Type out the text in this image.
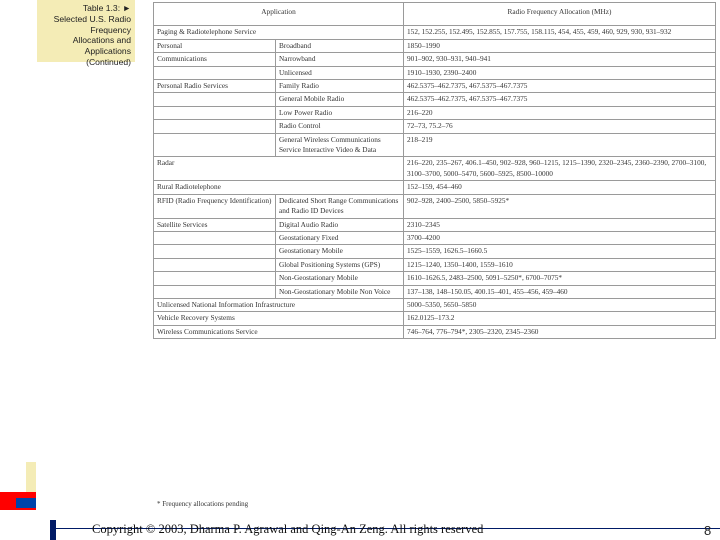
Table 1.3: ►
Selected U.S. Radio
Frequency
Allocations and
Applications
(Continued)
Application		Radio Frequency Allocation (MHz)
Paging & Radiotelephone Service		152, 152.255, 152.495, 152.855, 157.755, 158.115, 454, 455, 459, 460, 929, 930, 931–932
Personal	Broadband	1850–1990
Communications	Narrowband	901–902, 930–931, 940–941
	Unlicensed	1910–1930, 2390–2400
Personal Radio Services	Family Radio	462.5375–462.7375, 467.5375–467.7375
	General Mobile Radio	462.5375–462.7375, 467.5375–467.7375
	Low Power Radio	216–220
	Radio Control	72–73, 75.2–76
	General Wireless Communications Service Interactive Video & Data	218–219
Radar		216–220, 235–267, 406.1–450, 902–928, 960–1215, 1215–1390, 2320–2345, 2360–2390, 2700–3100, 3100–3700, 5000–5470, 5600–5925, 8500–10000
Rural Radiotelephone		152–159, 454–460
RFID (Radio Frequency Identification)	Dedicated Short Range Communications and Radio ID Devices	902–928, 2400–2500, 5850–5925*
Satellite Services	Digital Audio Radio	2310–2345
	Geostationary Fixed	3700–4200
	Geostationary Mobile	1525–1559, 1626.5–1660.5
	Global Positioning Systems (GPS)	1215–1240, 1350–1400, 1559–1610
	Non-Geostationary Mobile	1610–1626.5, 2483–2500, 5091–5250*, 6700–7075*
	Non-Geostationary Mobile Non Voice	137–138, 148–150.05, 400.15–401, 455–456, 459–460
Unlicensed National Information Infrastructure		5000–5350, 5650–5850
Vehicle Recovery Systems		162.0125–173.2
Wireless Communications Service		746–764, 776–794*, 2305–2320, 2345–2360
* Frequency allocations pending
Copyright © 2003, Dharma P. Agrawal and Qing-An Zeng. All rights reserved	8
